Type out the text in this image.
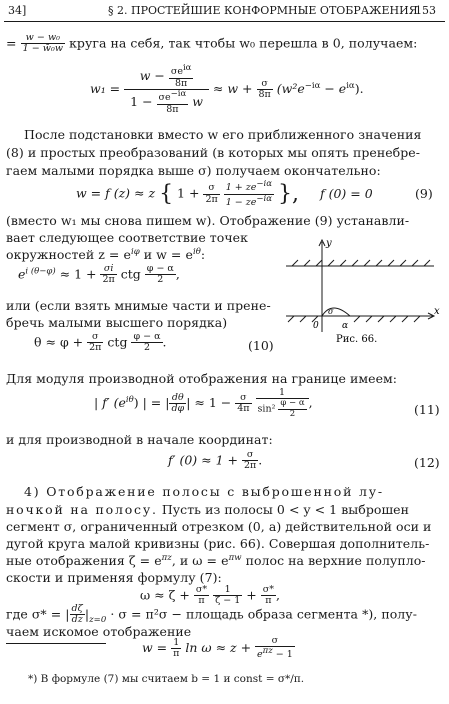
34]	§ 2. ПРОСТЕЙШИЕ КОНФОРМНЫЕ ОТОБРАЖЕНИЯ
153
= $\frac{\text{w − w₀}}{\text{1 − w̄₀w}}$ круга на себя, так чтобы w₀ перешла в 0, получаем:
$w_1 = \frac{w - \frac{\sigma e^{i\alpha}}{8\pi}}{1 - \frac{\sigma e^{-i\alpha}}{8\pi} w} \approx w + \frac{\sigma}{8\pi} (w^2e^{-i\alpha} - e^{i\alpha})$.
После подстановки вместо w его приближенного значения
(8) и простых преобразований (в которых мы опять пренебре-
гаем малыми порядка выше σ) получаем окончательно:
w = f (z) ≈ z { $1 + \frac{\sigma}{2\pi}$
$\frac{1 + ze^{-i\alpha}}{1 - ze^{-i\alpha}}$ }, f (0) = 0	(9)
(вместо w₁ мы снова пишем w). Отображение (9) устанавли-
вает следующее соответствие точек
окружностей $z = e^{i\varphi}$ и $w = e^{i\theta}$:
$e^{i (\theta-\varphi)} \approx 1 + \frac{\sigma i}{2\pi}$ ctg $\frac{\varphi - \alpha}{2}$ ,
или (если взять мнимые части и прене-
бречь малыми высшего порядка)
$\theta \approx \varphi + \frac{\sigma}{2\pi}$ ctg $\frac{\varphi - \alpha}{2}$ .	(10)
y
x
0
σ
α
Рис. 66.
Для модуля производной отображения на границе имеем:
| f′ $(e^{i\theta})$ | = | $\frac{d\theta}{d\varphi}$ | ≈ $1 - \frac{\sigma}{4\pi}$
$\frac{1}{\sin^2 \frac{\varphi - \alpha}{2}}$ ,	(11)
и для производной в начале координат:
f′ $(0) \approx 1 + \frac{\sigma}{2\pi}$ .	(12)
4) Отображение полосы с выброшенной лу-
ночкой на полосу. Пусть из полосы 0 < y < 1 выброшен
сегмент σ, ограниченный отрезком (0, a) действительной оси и
дугой круга малой кривизны (рис. 66). Совершая дополнитель-
ные отображения $\zeta = e^{\pi z}$, и $\omega = e^{\pi w}$ полос на верхние полупло-
скости и применяя формулу (7):
$\omega \approx \zeta + \frac{\sigma*}{\pi}$
$\frac{1}{\zeta - 1} + \frac{\sigma*}{\pi}$ ,
где σ* = | $\frac{d\zeta}{dz} |_{z=0} \cdot \sigma = \pi^2\sigma$ − площадь образа сегмента *), полу-
чаем искомое отображение
$w = \frac{1}{\pi}$ $\ln \omega \approx z + \frac{\sigma}{e^{\pi z} - 1}$
*) В формуле (7) мы считаем b = 1 и const = σ*/π.
